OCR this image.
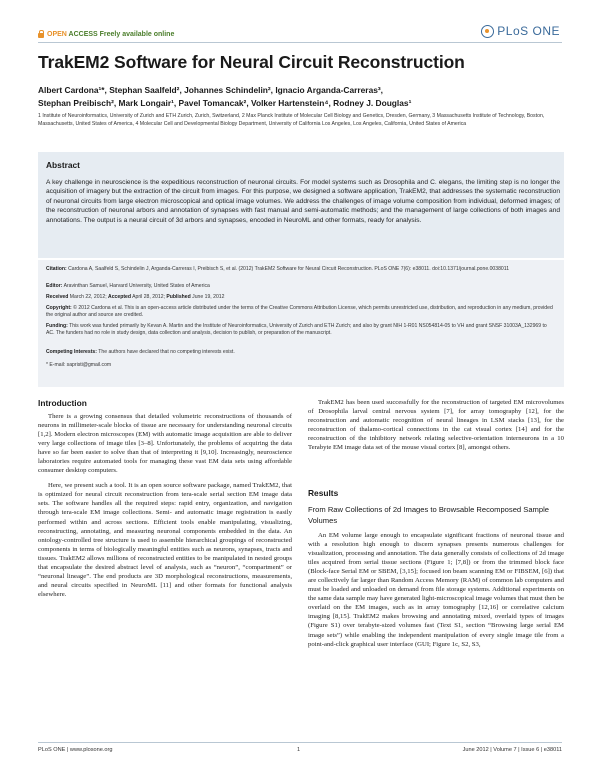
OPEN ACCESS Freely available online	PLoS ONE
TrakEM2 Software for Neural Circuit Reconstruction
Albert Cardona¹*, Stephan Saalfeld², Johannes Schindelin², Ignacio Arganda-Carreras³,
Stephan Preibisch², Mark Longair¹, Pavel Tomancak², Volker Hartenstein⁴, Rodney J. Douglas¹
1 Institute of Neuroinformatics, University of Zurich and ETH Zurich, Zurich, Switzerland, 2 Max Planck Institute of Molecular Cell Biology and Genetics, Dresden, Germany, 3 Massachusetts Institute of Technology, Boston, Massachusetts, United States of America, 4 Molecular Cell and Developmental Biology Department, University of California Los Angeles, Los Angeles, California, United States of America
Abstract
A key challenge in neuroscience is the expeditious reconstruction of neuronal circuits. For model systems such as Drosophila and C. elegans, the limiting step is no longer the acquisition of imagery but the extraction of the circuit from images. For this purpose, we designed a software application, TrakEM2, that addresses the systematic reconstruction of neuronal circuits from large electron microscopical and optical image volumes. We address the challenges of image volume composition from individual, deformed images; of the reconstruction of neuronal arbors and annotation of synapses with fast manual and semi-automatic methods; and the management of large collections of both images and annotations. The output is a neural circuit of 3d arbors and synapses, encoded in NeuroML and other formats, ready for analysis.
Citation: Cardona A, Saalfeld S, Schindelin J, Arganda-Carreras I, Preibisch S, et al. (2012) TrakEM2 Software for Neural Circuit Reconstruction. PLoS ONE 7(6): e38011. doi:10.1371/journal.pone.0038011
Editor: Aravinthan Samuel, Harvard University, United States of America
Received March 22, 2012; Accepted April 28, 2012; Published June 19, 2012
Copyright: © 2012 Cardona et al. This is an open-access article distributed under the terms of the Creative Commons Attribution License, which permits unrestricted use, distribution, and reproduction in any medium, provided the original author and source are credited.
Funding: This work was funded primarily by Kevan A. Martin and the Institute of Neuroinformatics, University of Zurich and ETH Zurich; and also by grant NIH 1-R01 NS054814-05 to VH and grant SNSF 31003A_132969 to AC. The funders had no role in study design, data collection and analysis, decision to publish, or preparation of the manuscript.
Competing Interests: The authors have declared that no competing interests exist.
* E-mail: sapristi@gmail.com
Introduction

There is a growing consensus that detailed volumetric reconstructions of thousands of neurons in millimeter-scale blocks of tissue are necessary for understanding neuronal circuits [1,2]. Modern electron microscopes (EM) with automatic image acquisition are able to deliver very large collections of image tiles [3–8]. Unfortunately, the problems of acquiring the data have so far been easier to solve than that of interpreting it [9,10]. Increasingly, neuroscience laboratories require automated tools for managing these vast EM data sets using affordable consumer desktop computers.

Here, we present such a tool. It is an open source software package, named TrakEM2, that is optimized for neural circuit reconstruction from tera-scale serial section EM image data sets. The software handles all the required steps: rapid entry, organization, and navigation through tera-scale EM image collections. Semi- and automatic image registration is easily performed within and across sections. Efficient tools enable manipulating, visualizing, reconstructing, annotating, and measuring neuronal components embedded in the data. An ontology-controlled tree structure is used to assemble hierarchical groupings of reconstructed components in terms of biologically meaningful entities such as neurons, synapses, tracts and tissues. TrakEM2 allows millions of reconstructed entities to be manipulated in nested groups that encapsulate the desired abstract level of analysis, such as “neuron”, “compartment” or “neuronal lineage”. The end products are 3D morphological reconstructions, measurements, and neural circuits specified in NeuroML [11] and other formats for functional analysis elsewhere.

TrakEM2 has been used successfully for the reconstruction of targeted EM microvolumes of Drosophila larval central nervous system [7], for array tomography [12], for the reconstruction and automatic recognition of neural lineages in LSM stacks [13], for the reconstruction of thalamo-cortical connections in the cat visual cortex [14] and for the reconstruction of the inhibitory network relating selective-orientation interneurons in a 10 Terabyte EM image data set of the mouse visual cortex [8], amongst others.

Results
From Raw Collections of 2d Images to Browsable Recomposed Sample Volumes

An EM volume large enough to encapsulate significant fractions of neuronal tissue and with a resolution high enough to discern synapses presents numerous challenges for visualization, processing and annotation. The data generally consists of collections of 2d image tiles acquired from serial tissue sections (Figure 1; [7,8]) or from the trimmed block face (Block-face Serial EM or SBEM, [3,15]; focused ion beam scanning EM or FIBSEM, [6]) that are collectively far larger than Random Access Memory (RAM) of common lab computers and must be loaded and unloaded on demand from file storage systems. Additional experiments on the same data sample may have generated light-microscopical image volumes that must then be overlaid on the EM images, such as in array tomography [12,16] or correlative calcium imaging [8,15]. TrakEM2 makes browsing and annotating mixed, overlaid types of images (Figure S1) over terabyte-sized volumes fast (Text S1, section “Browsing large serial EM image sets”) while enabling the independent manipulation of every single image tile from a point-and-click graphical user interface (GUI; Figure 1c, S2, S3,

PLoS ONE | www.plosone.org	1	June 2012 | Volume 7 | Issue 6 | e38011
